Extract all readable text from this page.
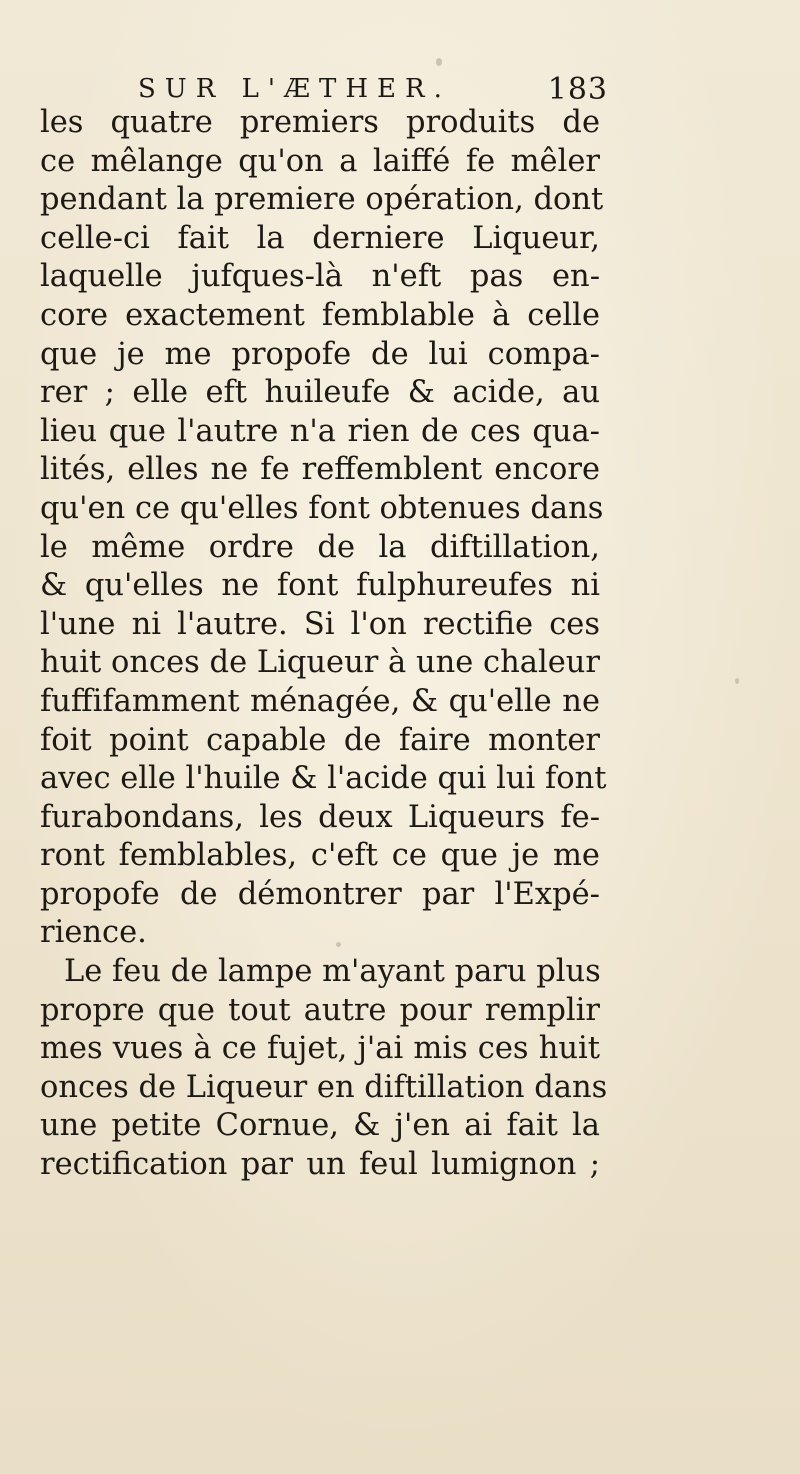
SUR L'ÆTHER.	183
les quatre premiers produits de
ce mêlange qu'on a laiffé fe mêler
pendant la premiere opération, dont
celle-ci fait la derniere Liqueur,
laquelle jufques-là n'eft pas en-
core exactement femblable à celle
que je me propofe de lui compa-
rer ; elle eft huileufe & acide, au
lieu que l'autre n'a rien de ces qua-
lités, elles ne fe reffemblent encore
qu'en ce qu'elles font obtenues dans
le même ordre de la diftillation,
& qu'elles ne font fulphureufes ni
l'une ni l'autre. Si l'on rectifie ces
huit onces de Liqueur à une chaleur
fuffifamment ménagée, & qu'elle ne
foit point capable de faire monter
avec elle l'huile & l'acide qui lui font
furabondans, les deux Liqueurs fe-
ront femblables, c'eft ce que je me
propofe de démontrer par l'Expé-
rience.
Le feu de lampe m'ayant paru plus
propre que tout autre pour remplir
mes vues à ce fujet, j'ai mis ces huit
onces de Liqueur en diftillation dans
une petite Cornue, & j'en ai fait la
rectification par un feul lumignon ;
